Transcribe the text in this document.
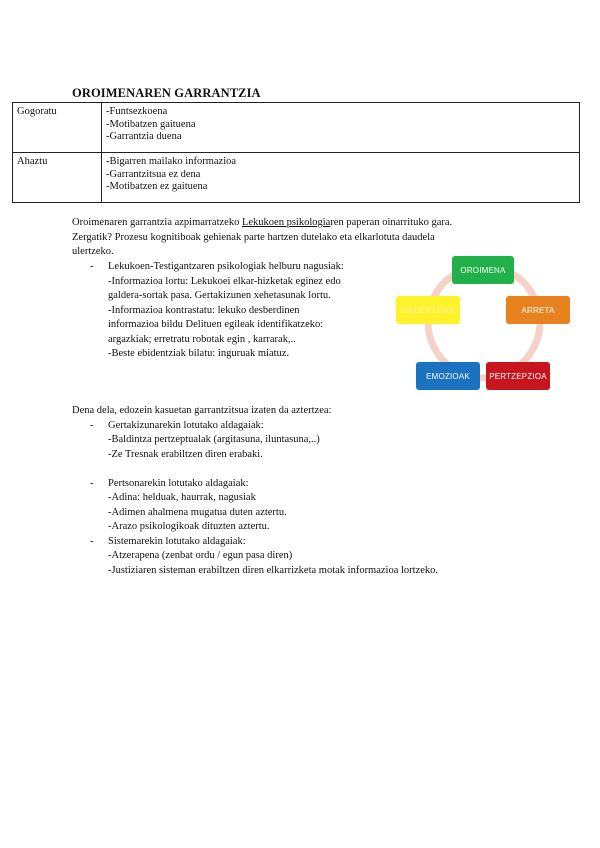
OROIMENAREN GARRANTZIA
Gogoratu	-Funtsezkoena
-Motibatzen gaituena
-Garrantzia duena

Ahaztu	-Bigarren mailako informazioa
-Garrantzitsua ez dena
-Motibatzen ez gaituena
Oroimenaren garrantzia azpimarratzeko Lekukoen psikologiaren paperan oinarrituko gara.
Zergatik? Prozesu kognitiboak gehienak parte hartzen dutelako eta elkarlotuta daudela
ulertzeko.
- Lekukoen-Testigantzaren psikologiak helburu nagusiak:
-Informazioa lortu: Lekukoei elkar-hizketak eginez edo
galdera-sortak pasa. Gertakizunen xehetasunak lortu.
-Informazioa kontrastatu: lekuko desberdinen
informazioa bildu Delituen egileak identifikatzeko:
argazkiak; erretratu robotak egin , karrarak,..
-Beste ebidentziak bilatu: inguruak miatuz.
OROIMENA
ARRETA
PERTZEPZIOA
EMOZIOAK
EBIDENTZIAK
Dena dela, edozein kasuetan garrantzitsua izaten da aztertzea:
- Gertakizunarekin lotutako aldagaiak:
-Baldintza pertzeptualak (argitasuna, iluntasuna,..)
-Ze Tresnak erabiltzen diren erabaki.
- Pertsonarekin lotutako aldagaiak:
-Adina: helduak, haurrak, nagusiak
-Adimen ahalmena mugatua duten aztertu.
-Arazo psikologikoak dituzten aztertu.
- Sistemarekin lotutako aldagaiak:
-Atzerapena (zenbat ordu / egun pasa diren)
-Justiziaren sisteman erabiltzen diren elkarrizketa motak informazioa lortzeko.
